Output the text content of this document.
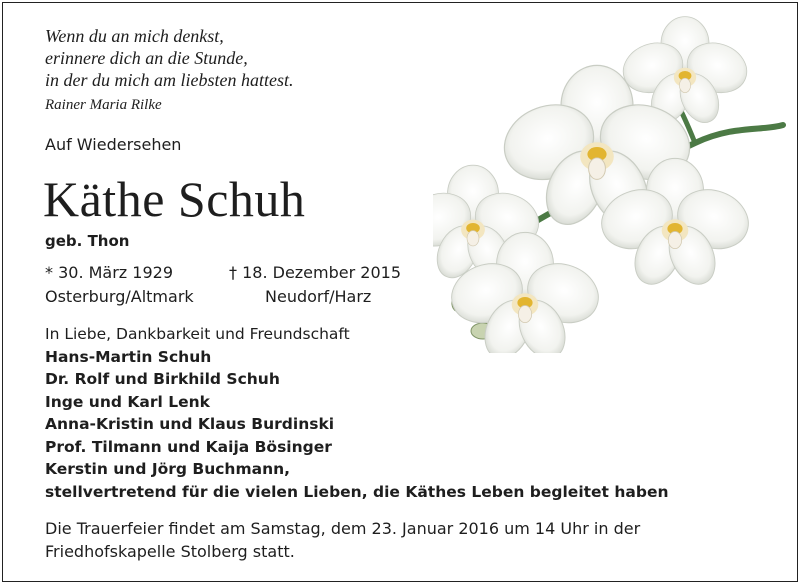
Wenn du an mich denkst,
erinnere dich an die Stunde,
in der du mich am liebsten hattest.
Rainer Maria Rilke
Auf Wiedersehen
Käthe Schuh
geb. Thon
* 30. März 1929	† 18. Dezember 2015
Osterburg/Altmark	Neudorf/Harz
In Liebe, Dankbarkeit und Freundschaft
Hans-Martin Schuh
Dr. Rolf und Birkhild Schuh
Inge und Karl Lenk
Anna-Kristin und Klaus Burdinski
Prof. Tilmann und Kaija Bösinger
Kerstin und Jörg Buchmann,
stellvertretend für die vielen Lieben, die Käthes Leben begleitet haben
Die Trauerfeier findet am Samstag, dem 23. Januar 2016 um 14 Uhr in der Friedhofskapelle Stolberg statt.
